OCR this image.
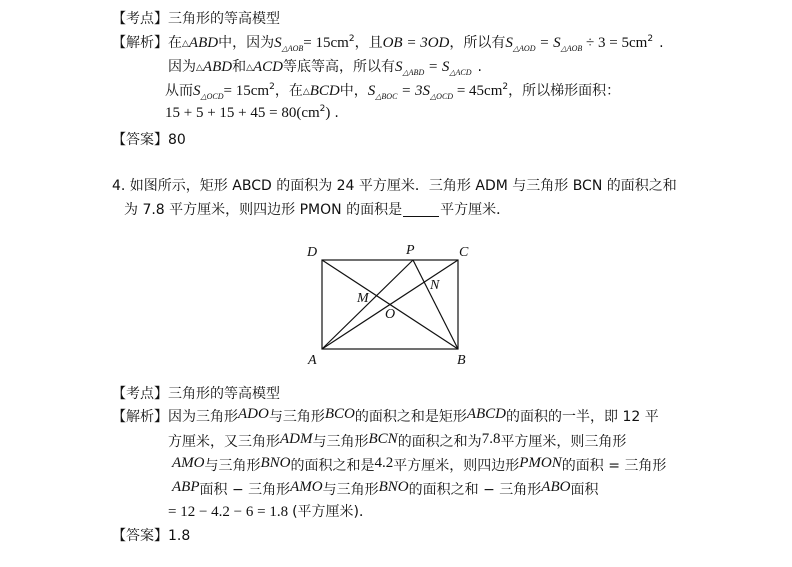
【考点】三角形的等高模型
【解析】在△ABD中，因为$S_{\triangle AOB}= 15cm^2$，且OB = 3OD，所以有$S_{\triangle AOD} = S_{\triangle AOB} \div 3 = 5cm^2$ .
因为△ABD和△ACD等底等高，所以有$S_{\triangle ABD} = S_{\triangle ACD}$ .
从而$S_{\triangle OCD}= 15cm^2$，在△BCD中，$S_{\triangle BOC} = 3S_{\triangle OCD} = 45cm^2$，所以梯形面积：
$15 + 5 + 15 + 45 = 80(cm^2)$ .
【答案】80
4. 如图所示，矩形 ABCD 的面积为 24 平方厘米．三角形 ADM 与三角形 BCN 的面积之和
为 7.8 平方厘米，则四边形 PMON 的面积是	平方厘米．
D	P	C
M
N
O
A	B
【考点】三角形的等高模型
【解析】因为三角形ADO与三角形BCO的面积之和是矩形ABCD的面积的一半，即 12 平
方厘米，又三角形ADM与三角形BCN的面积之和为7.8平方厘米，则三角形
AMO与三角形BNO的面积之和是4.2平方厘米，则四边形PMON的面积 = 三角形
ABP面积 − 三角形AMO与三角形BNO的面积之和 − 三角形ABO面积
= 12 − 4.2 − 6 = 1.8 (平方厘米)．
【答案】1.8
